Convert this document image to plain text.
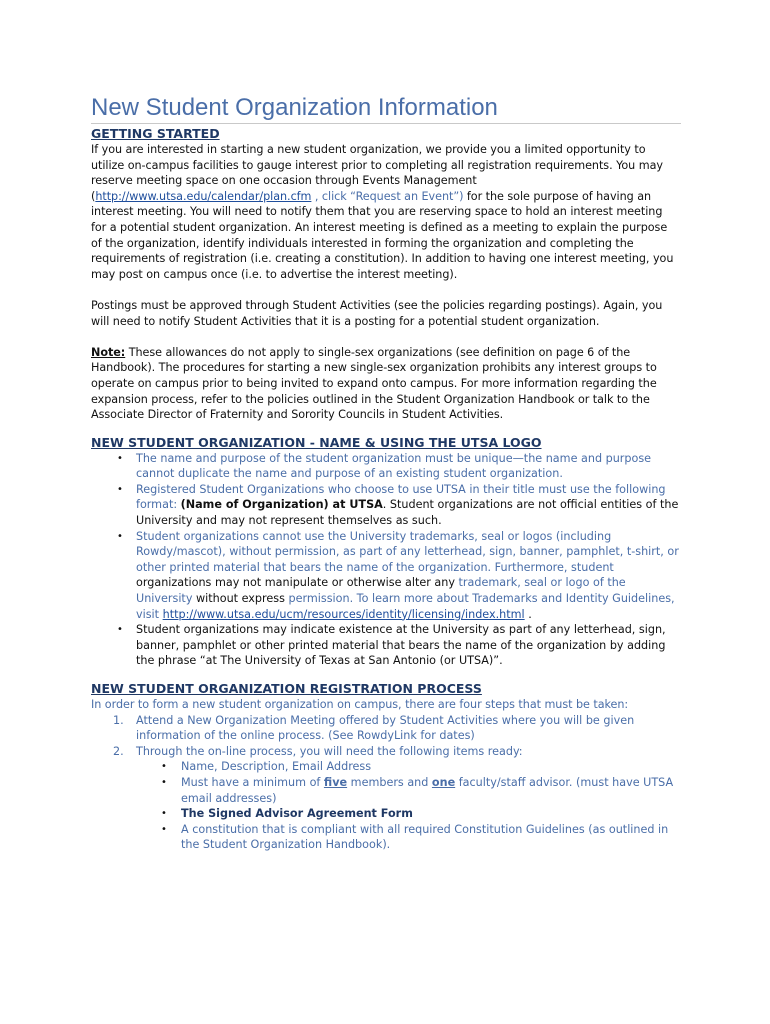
New Student Organization Information
GETTING STARTED

If you are interested in starting a new student organization, we provide you a limited opportunity to utilize on-campus facilities to gauge interest prior to completing all registration requirements. You may reserve meeting space on one occasion through Events Management (http://www.utsa.edu/calendar/plan.cfm , click “Request an Event”) for the sole purpose of having an interest meeting. You will need to notify them that you are reserving space to hold an interest meeting for a potential student organization. An interest meeting is defined as a meeting to explain the purpose of the organization, identify individuals interested in forming the organization and completing the requirements of registration (i.e. creating a constitution). In addition to having one interest meeting, you may post on campus once (i.e. to advertise the interest meeting).

Postings must be approved through Student Activities (see the policies regarding postings). Again, you will need to notify Student Activities that it is a posting for a potential student organization.

Note: These allowances do not apply to single-sex organizations (see definition on page 6 of the Handbook). The procedures for starting a new single-sex organization prohibits any interest groups to operate on campus prior to being invited to expand onto campus. For more information regarding the expansion process, refer to the policies outlined in the Student Organization Handbook or talk to the Associate Director of Fraternity and Sorority Councils in Student Activities.

NEW STUDENT ORGANIZATION - NAME & USING THE UTSA LOGO
• The name and purpose of the student organization must be unique—the name and purpose cannot duplicate the name and purpose of an existing student organization.
• Registered Student Organizations who choose to use UTSA in their title must use the following format: (Name of Organization) at UTSA. Student organizations are not official entities of the University and may not represent themselves as such.
• Student organizations cannot use the University trademarks, seal or logos (including Rowdy/mascot), without permission, as part of any letterhead, sign, banner, pamphlet, t-shirt, or other printed material that bears the name of the organization. Furthermore, student organizations may not manipulate or otherwise alter any trademark, seal or logo of the University without express permission. To learn more about Trademarks and Identity Guidelines, visit http://www.utsa.edu/ucm/resources/identity/licensing/index.html .
• Student organizations may indicate existence at the University as part of any letterhead, sign, banner, pamphlet or other printed material that bears the name of the organization by adding the phrase “at The University of Texas at San Antonio (or UTSA)”.
NEW STUDENT ORGANIZATION REGISTRATION PROCESS

In order to form a new student organization on campus, there are four steps that must be taken:

1. Attend a New Organization Meeting offered by Student Activities where you will be given information of the online process. (See RowdyLink for dates)
2. Through the on-line process, you will need the following items ready:
• Name, Description, Email Address
• Must have a minimum of five members and one faculty/staff advisor. (must have UTSA email addresses)
• The Signed Advisor Agreement Form
• A constitution that is compliant with all required Constitution Guidelines (as outlined in the Student Organization Handbook).
